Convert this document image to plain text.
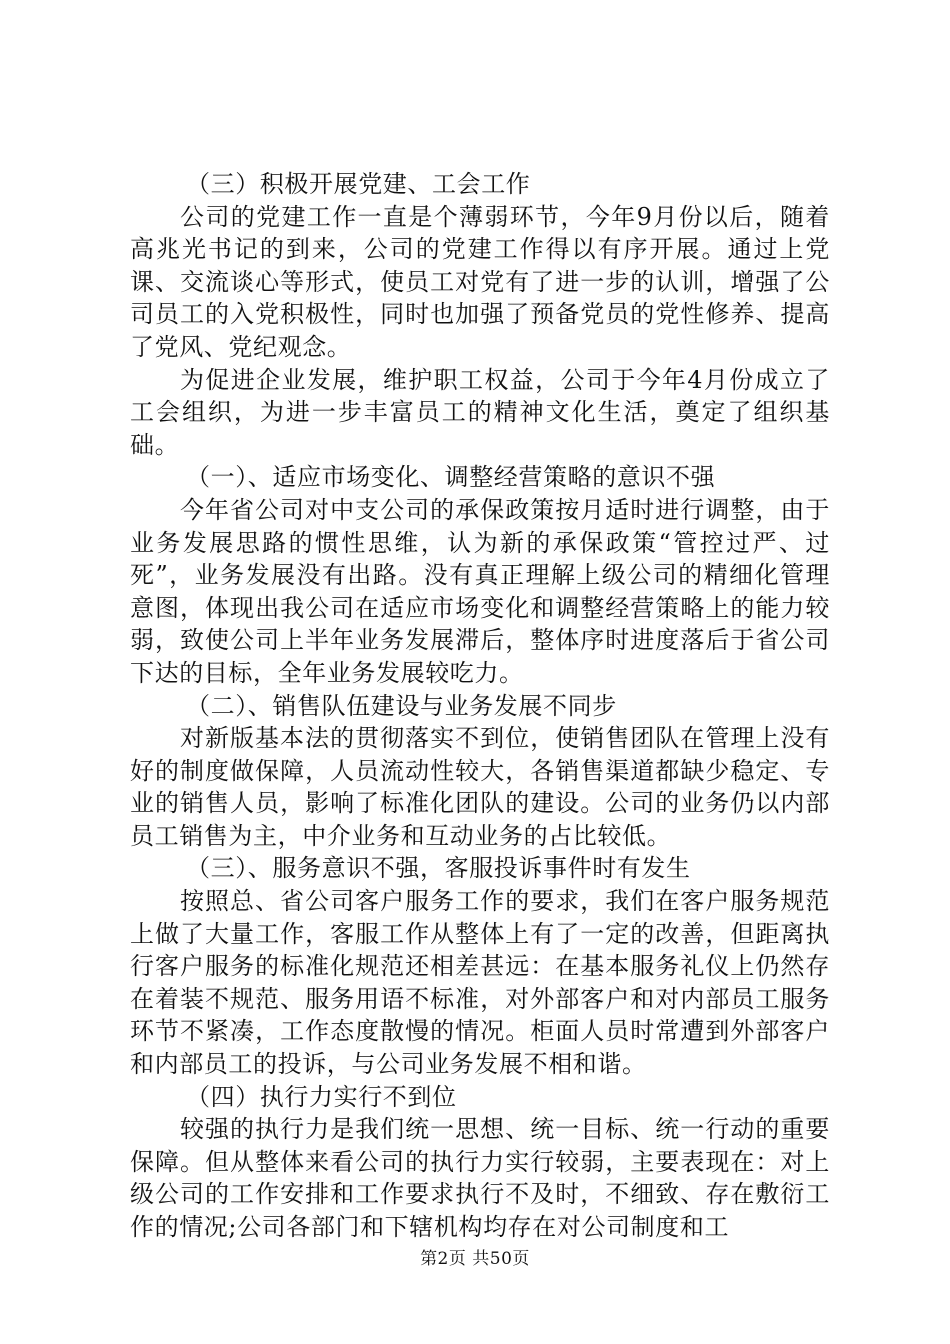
（三）积极开展党建、工会工作

公司的党建工作一直是个薄弱环节，今年9月份以后，随着高兆光书记的到来，公司的党建工作得以有序开展。通过上党课、交流谈心等形式，使员工对党有了进一步的认训，增强了公司员工的入党积极性，同时也加强了预备党员的党性修养、提高了党风、党纪观念。

为促进企业发展，维护职工权益，公司于今年4月份成立了工会组织，为进一步丰富员工的精神文化生活，奠定了组织基础。

（一）、适应市场变化、调整经营策略的意识不强

今年省公司对中支公司的承保政策按月适时进行调整，由于业务发展思路的惯性思维，认为新的承保政策“管控过严、过死”，业务发展没有出路。没有真正理解上级公司的精细化管理意图，体现出我公司在适应市场变化和调整经营策略上的能力较弱，致使公司上半年业务发展滞后，整体序时进度落后于省公司下达的目标，全年业务发展较吃力。

（二）、销售队伍建设与业务发展不同步

对新版基本法的贯彻落实不到位，使销售团队在管理上没有好的制度做保障，人员流动性较大，各销售渠道都缺少稳定、专业的销售人员，影响了标准化团队的建设。公司的业务仍以内部员工销售为主，中介业务和互动业务的占比较低。

（三）、服务意识不强，客服投诉事件时有发生

按照总、省公司客户服务工作的要求，我们在客户服务规范上做了大量工作，客服工作从整体上有了一定的改善，但距离执行客户服务的标准化规范还相差甚远：在基本服务礼仪上仍然存在着装不规范、服务用语不标准，对外部客户和对内部员工服务环节不紧凑，工作态度散慢的情况。柜面人员时常遭到外部客户和内部员工的投诉，与公司业务发展不相和谐。

（四）执行力实行不到位

较强的执行力是我们统一思想、统一目标、统一行动的重要保障。但从整体来看公司的执行力实行较弱，主要表现在：对上级公司的工作安排和工作要求执行不及时，不细致、存在敷衍工作的情况;公司各部门和下辖机构均存在对公司制度和工

第2页 共50页
